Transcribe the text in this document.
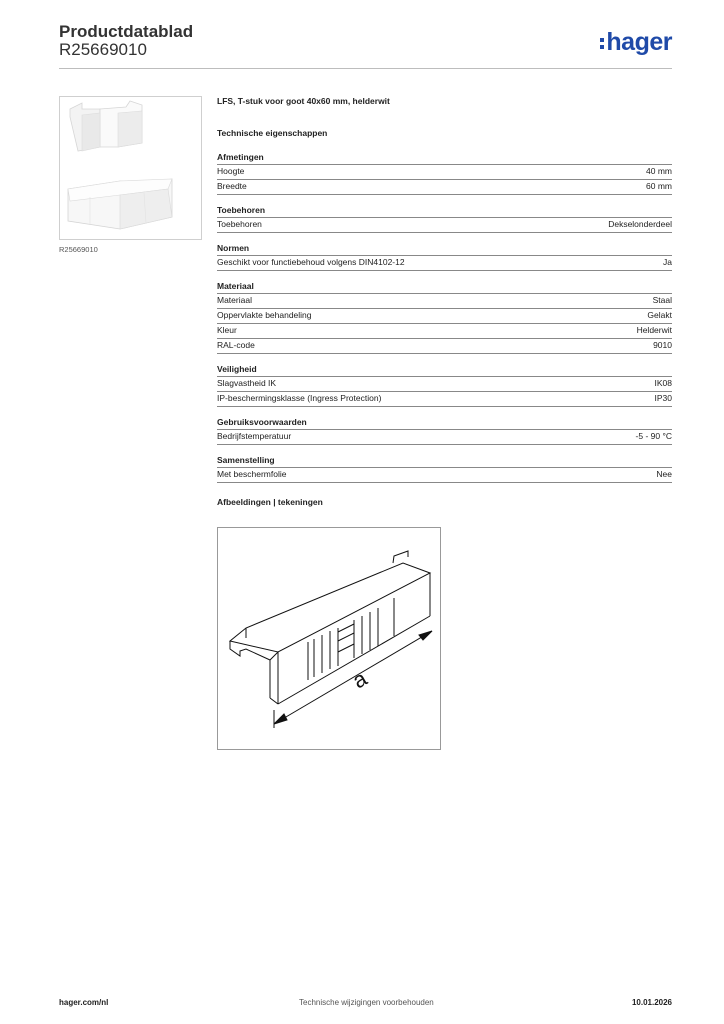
Productdatablad
R25669010	hager
R25669010
LFS, T-stuk voor goot 40x60 mm, helderwit
Technische eigenschappen
Afmetingen
Hoogte	40 mm
Breedte	60 mm
Toebehoren
Toebehoren	Dekselonderdeel
Normen
Geschikt voor functiebehoud volgens DIN4102-12	Ja
Materiaal
Materiaal	Staal
Oppervlakte behandeling	Gelakt
Kleur	Helderwit
RAL-code	9010
Veiligheid
Slagvastheid IK	IK08
IP-beschermingsklasse (Ingress Protection)	IP30
Gebruiksvoorwaarden
Bedrijfstemperatuur	-5 - 90 °C
Samenstelling
Met beschermfolie	Nee
Afbeeldingen | tekeningen
a
hager.com/nl	Technische wijzigingen voorbehouden	10.01.2026
